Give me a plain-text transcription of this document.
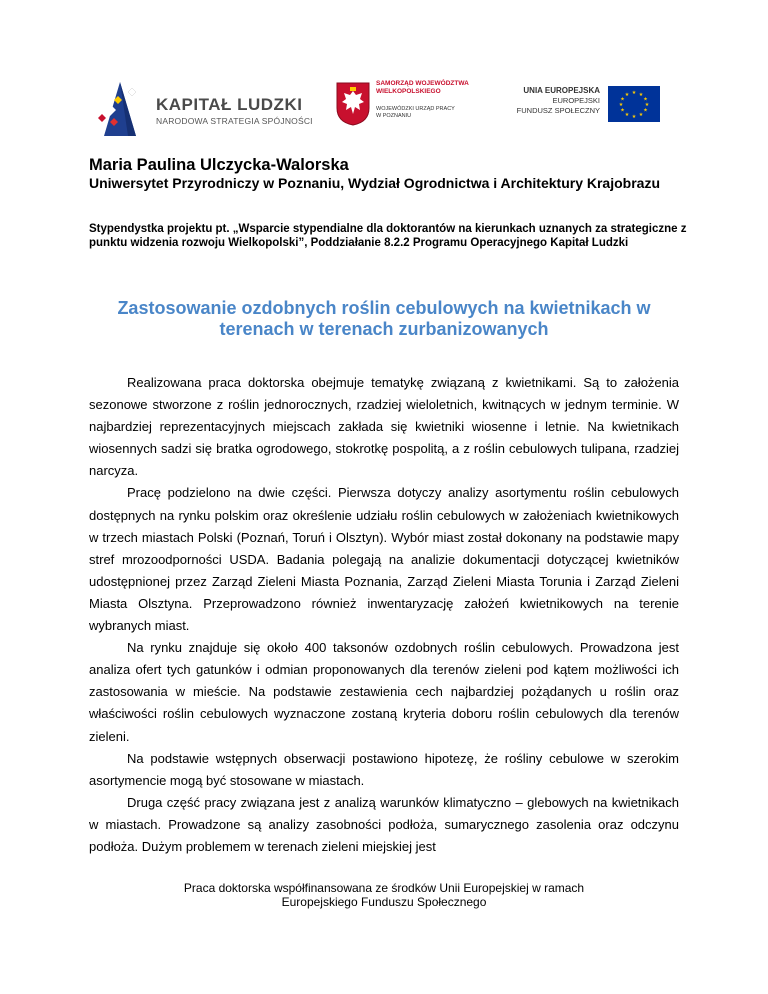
KAPITAŁ LUDZKI
NARODOWA STRATEGIA SPÓJNOŚCI
SAMORZĄD WOJEWÓDZTWA
WIELKOPOLSKIEGO
WOJEWÓDZKI URZĄD PRACY
W POZNANIU
UNIA EUROPEJSKA
EUROPEJSKI
FUNDUSZ SPOŁECZNY
★ ★
★
★
★
★
★
★
★
★
★
★
Maria Paulina Ulczycka-Walorska
Uniwersytet Przyrodniczy w Poznaniu, Wydział Ogrodnictwa i Architektury Krajobrazu
Stypendystka projektu pt. „Wsparcie stypendialne dla doktorantów na kierunkach uznanych za strategiczne z punktu widzenia rozwoju Wielkopolski”, Poddziałanie 8.2.2 Programu Operacyjnego Kapitał Ludzki
Zastosowanie ozdobnych roślin cebulowych na kwietnikach w terenach w terenach zurbanizowanych

Realizowana praca doktorska obejmuje tematykę związaną z kwietnikami. Są to założenia sezonowe stworzone z roślin jednorocznych, rzadziej wieloletnich, kwitnących w jednym terminie. W najbardziej reprezentacyjnych miejscach zakłada się kwietniki wiosenne i letnie. Na kwietnikach wiosennych sadzi się bratka ogrodowego, stokrotkę pospolitą, a z roślin cebulowych tulipana, rzadziej narcyza.

Pracę podzielono na dwie części. Pierwsza dotyczy analizy asortymentu roślin cebulowych dostępnych na rynku polskim oraz określenie udziału roślin cebulowych w założeniach kwietnikowych w trzech miastach Polski (Poznań, Toruń i Olsztyn). Wybór miast został dokonany na podstawie mapy stref mrozoodporności USDA. Badania polegają na analizie dokumentacji dotyczącej kwietników udostępnionej przez Zarząd Zieleni Miasta Poznania, Zarząd Zieleni Miasta Torunia i Zarząd Zieleni Miasta Olsztyna. Przeprowadzono również inwentaryzację założeń kwietnikowych na terenie wybranych miast.

Na rynku znajduje się około 400 taksonów ozdobnych roślin cebulowych. Prowadzona jest analiza ofert tych gatunków i odmian proponowanych dla terenów zieleni pod kątem możliwości ich zastosowania w mieście. Na podstawie zestawienia cech najbardziej pożądanych u roślin oraz właściwości roślin cebulowych wyznaczone zostaną kryteria doboru roślin cebulowych dla terenów zieleni.

Na podstawie wstępnych obserwacji postawiono hipotezę, że rośliny cebulowe w szerokim asortymencie mogą być stosowane w miastach.

Druga część pracy związana jest z analizą warunków klimatyczno – glebowych na kwietnikach w miastach. Prowadzone są analizy zasobności podłoża, sumarycznego zasolenia oraz odczynu podłoża. Dużym problemem w terenach zieleni miejskiej jest

Praca doktorska współfinansowana ze środków Unii Europejskiej w ramach
Europejskiego Funduszu Społecznego
